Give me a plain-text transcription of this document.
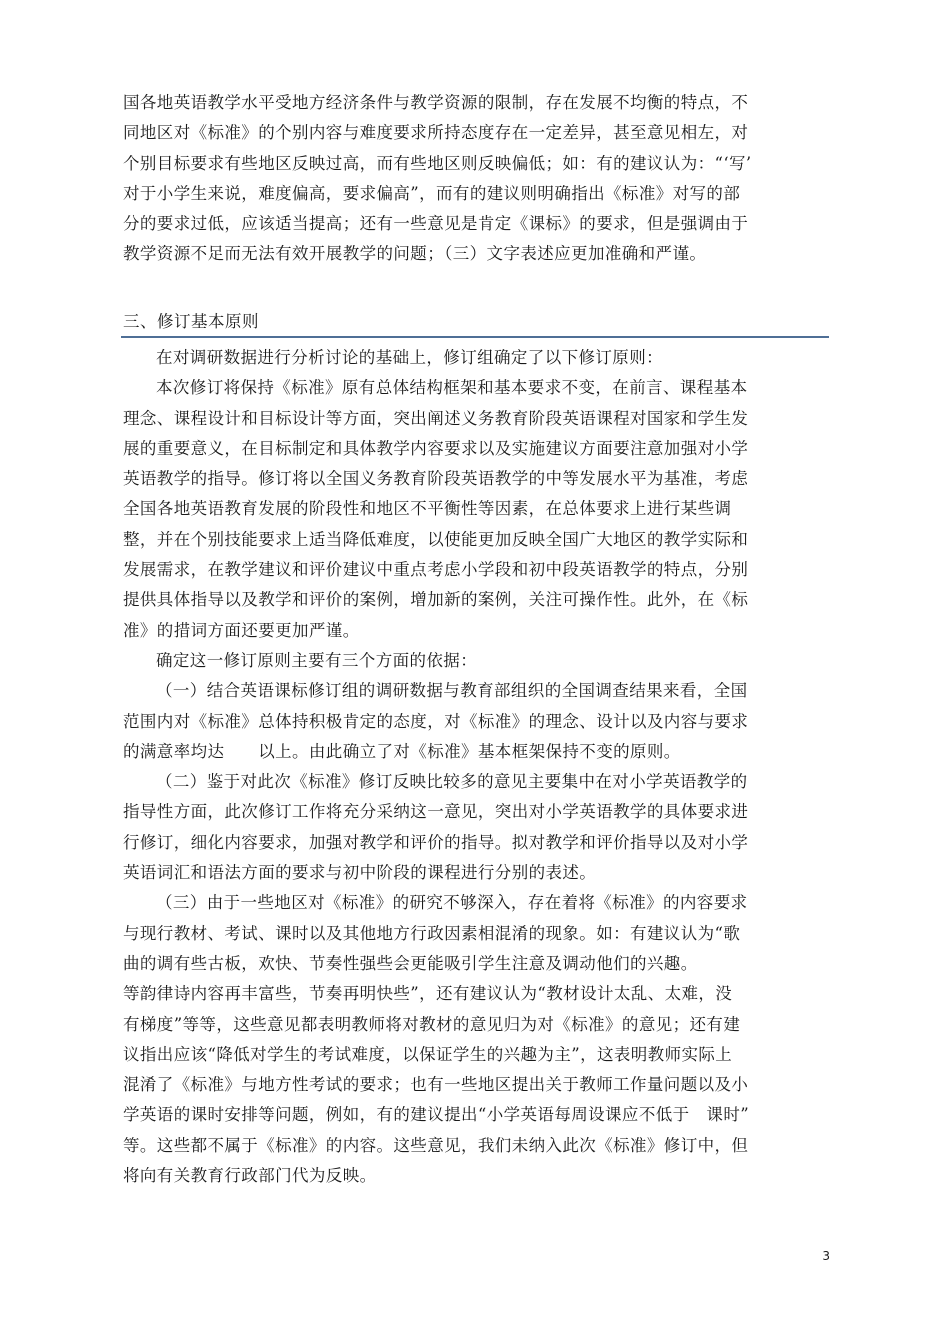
国各地英语教学水平受地方经济条件与教学资源的限制，存在发展不均衡的特点，不
同地区对《标准》的个别内容与难度要求所持态度存在一定差异，甚至意见相左，对
个别目标要求有些地区反映过高，而有些地区则反映偏低；如：有的建议认为：“‘写’
对于小学生来说，难度偏高，要求偏高”，而有的建议则明确指出《标准》对写的部
分的要求过低，应该适当提高；还有一些意见是肯定《课标》的要求，但是强调由于
教学资源不足而无法有效开展教学的问题；（三）文字表述应更加准确和严谨。
三、修订基本原则
在对调研数据进行分析讨论的基础上，修订组确定了以下修订原则：
本次修订将保持《标准》原有总体结构框架和基本要求不变，在前言、课程基本
理念、课程设计和目标设计等方面，突出阐述义务教育阶段英语课程对国家和学生发
展的重要意义，在目标制定和具体教学内容要求以及实施建议方面要注意加强对小学
英语教学的指导。修订将以全国义务教育阶段英语教学的中等发展水平为基准，考虑
全国各地英语教育发展的阶段性和地区不平衡性等因素，在总体要求上进行某些调
整，并在个别技能要求上适当降低难度，以使能更加反映全国广大地区的教学实际和
发展需求，在教学建议和评价建议中重点考虑小学段和初中段英语教学的特点，分别
提供具体指导以及教学和评价的案例，增加新的案例，关注可操作性。此外，在《标
准》的措词方面还要更加严谨。
确定这一修订原则主要有三个方面的依据：
（一）结合英语课标修订组的调研数据与教育部组织的全国调查结果来看，全国
范围内对《标准》总体持积极肯定的态度，对《标准》的理念、设计以及内容与要求
的满意率均达　　以上。由此确立了对《标准》基本框架保持不变的原则。
（二）鉴于对此次《标准》修订反映比较多的意见主要集中在对小学英语教学的
指导性方面，此次修订工作将充分采纳这一意见，突出对小学英语教学的具体要求进
行修订，细化内容要求，加强对教学和评价的指导。拟对教学和评价指导以及对小学
英语词汇和语法方面的要求与初中阶段的课程进行分别的表述。
（三）由于一些地区对《标准》的研究不够深入，存在着将《标准》的内容要求
与现行教材、考试、课时以及其他地方行政因素相混淆的现象。如：有建议认为“歌
曲的调有些古板，欢快、节奏性强些会更能吸引学生注意及调动他们的兴趣。
等韵律诗内容再丰富些，节奏再明快些”，还有建议认为“教材设计太乱、太难，没
有梯度”等等，这些意见都表明教师将对教材的意见归为对《标准》的意见；还有建
议指出应该“降低对学生的考试难度，以保证学生的兴趣为主”，这表明教师实际上
混淆了《标准》与地方性考试的要求；也有一些地区提出关于教师工作量问题以及小
学英语的课时安排等问题，例如，有的建议提出“小学英语每周设课应不低于　课时”
等。这些都不属于《标准》的内容。这些意见，我们未纳入此次《标准》修订中，但
将向有关教育行政部门代为反映。
3
